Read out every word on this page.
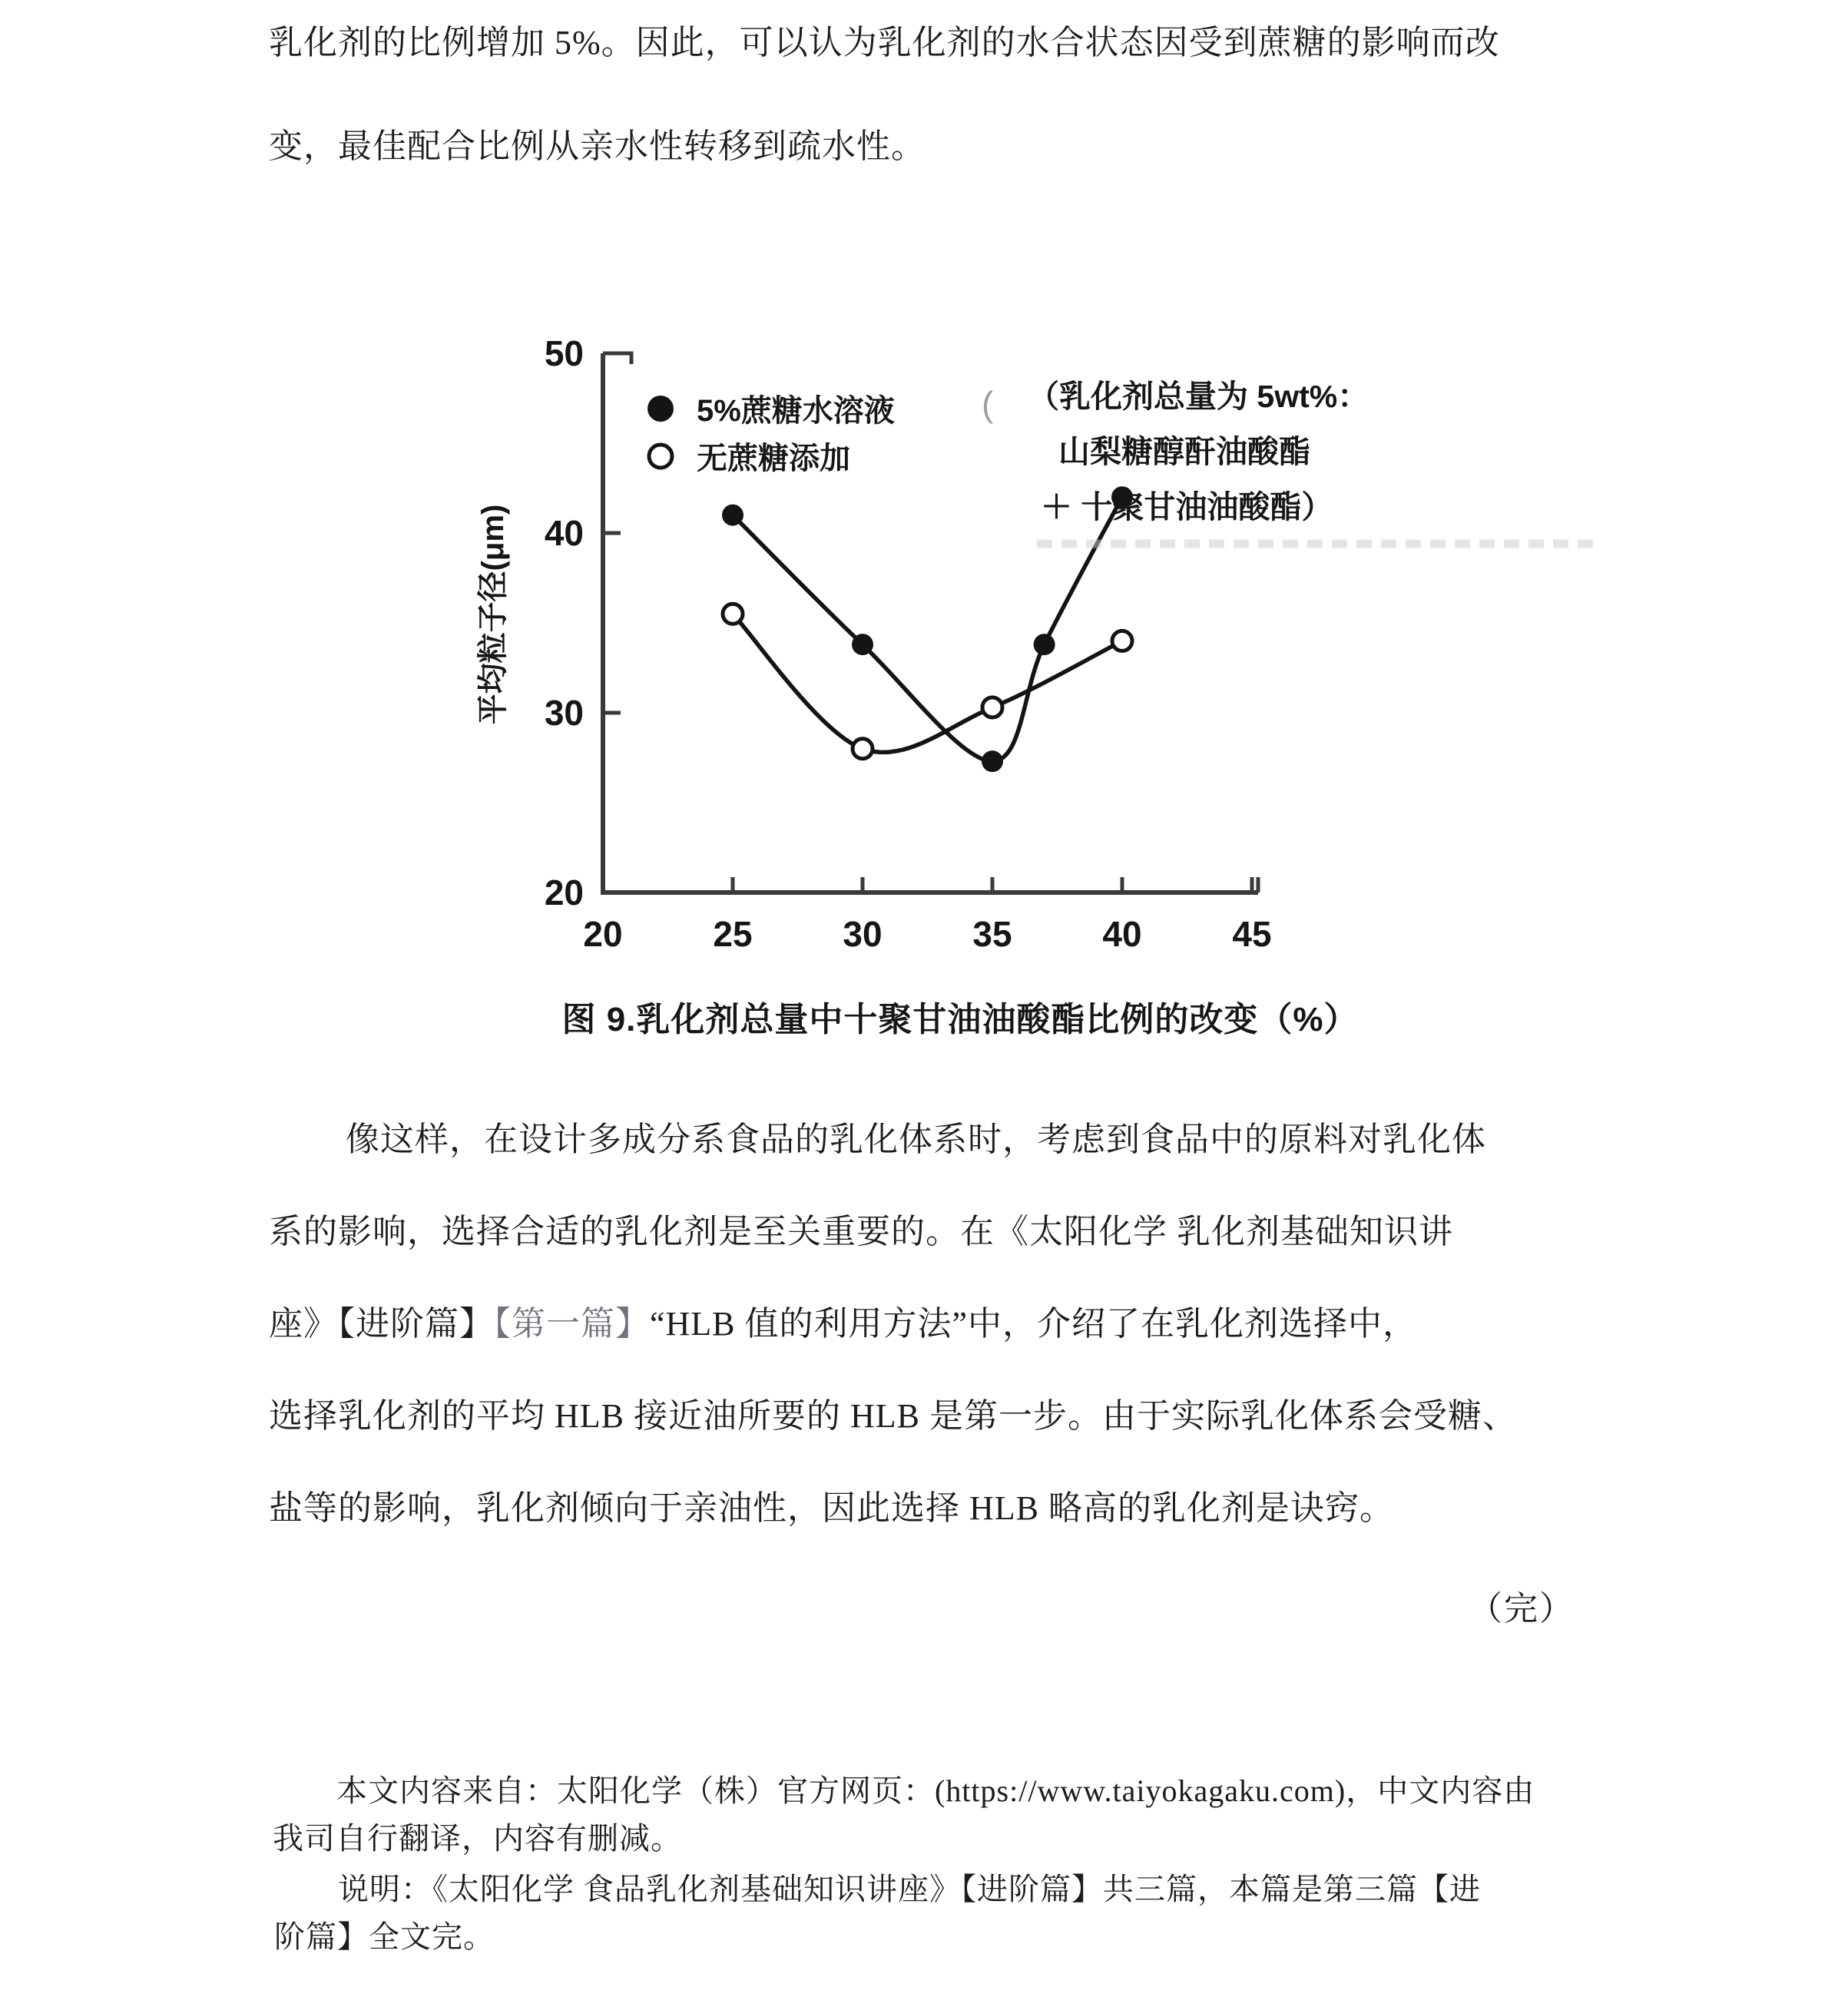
乳化剂的比例增加 5%。因此，可以认为乳化剂的水合状态因受到蔗糖的影响而改
变，最佳配合比例从亲水性转移到疏水性。
20	25	30	35	40	45
50
40
30
20
平均粒子径(μm)
5%蔗糖水溶液
无蔗糖添加
( （乳化剂总量为 5wt%：
山梨糖醇酐油酸酯
＋ 十聚甘油油酸酯）
图 9.乳化剂总量中十聚甘油油酸酯比例的改变（%）
像这样，在设计多成分系食品的乳化体系时，考虑到食品中的原料对乳化体
系的影响，选择合适的乳化剂是至关重要的。在《太阳化学 乳化剂基础知识讲
座》【进阶篇】【第一篇】“HLB 值的利用方法”中，介绍了在乳化剂选择中，
选择乳化剂的平均 HLB 接近油所要的 HLB 是第一步。由于实际乳化体系会受糖、
盐等的影响，乳化剂倾向于亲油性，因此选择 HLB 略高的乳化剂是诀窍。
（完）
本文内容来自：太阳化学（株）官方网页：(https://www.taiyokagaku.com)，中文内容由
我司自行翻译，内容有删减。
说明：《太阳化学 食品乳化剂基础知识讲座》【进阶篇】共三篇，本篇是第三篇【进
阶篇】全文完。
